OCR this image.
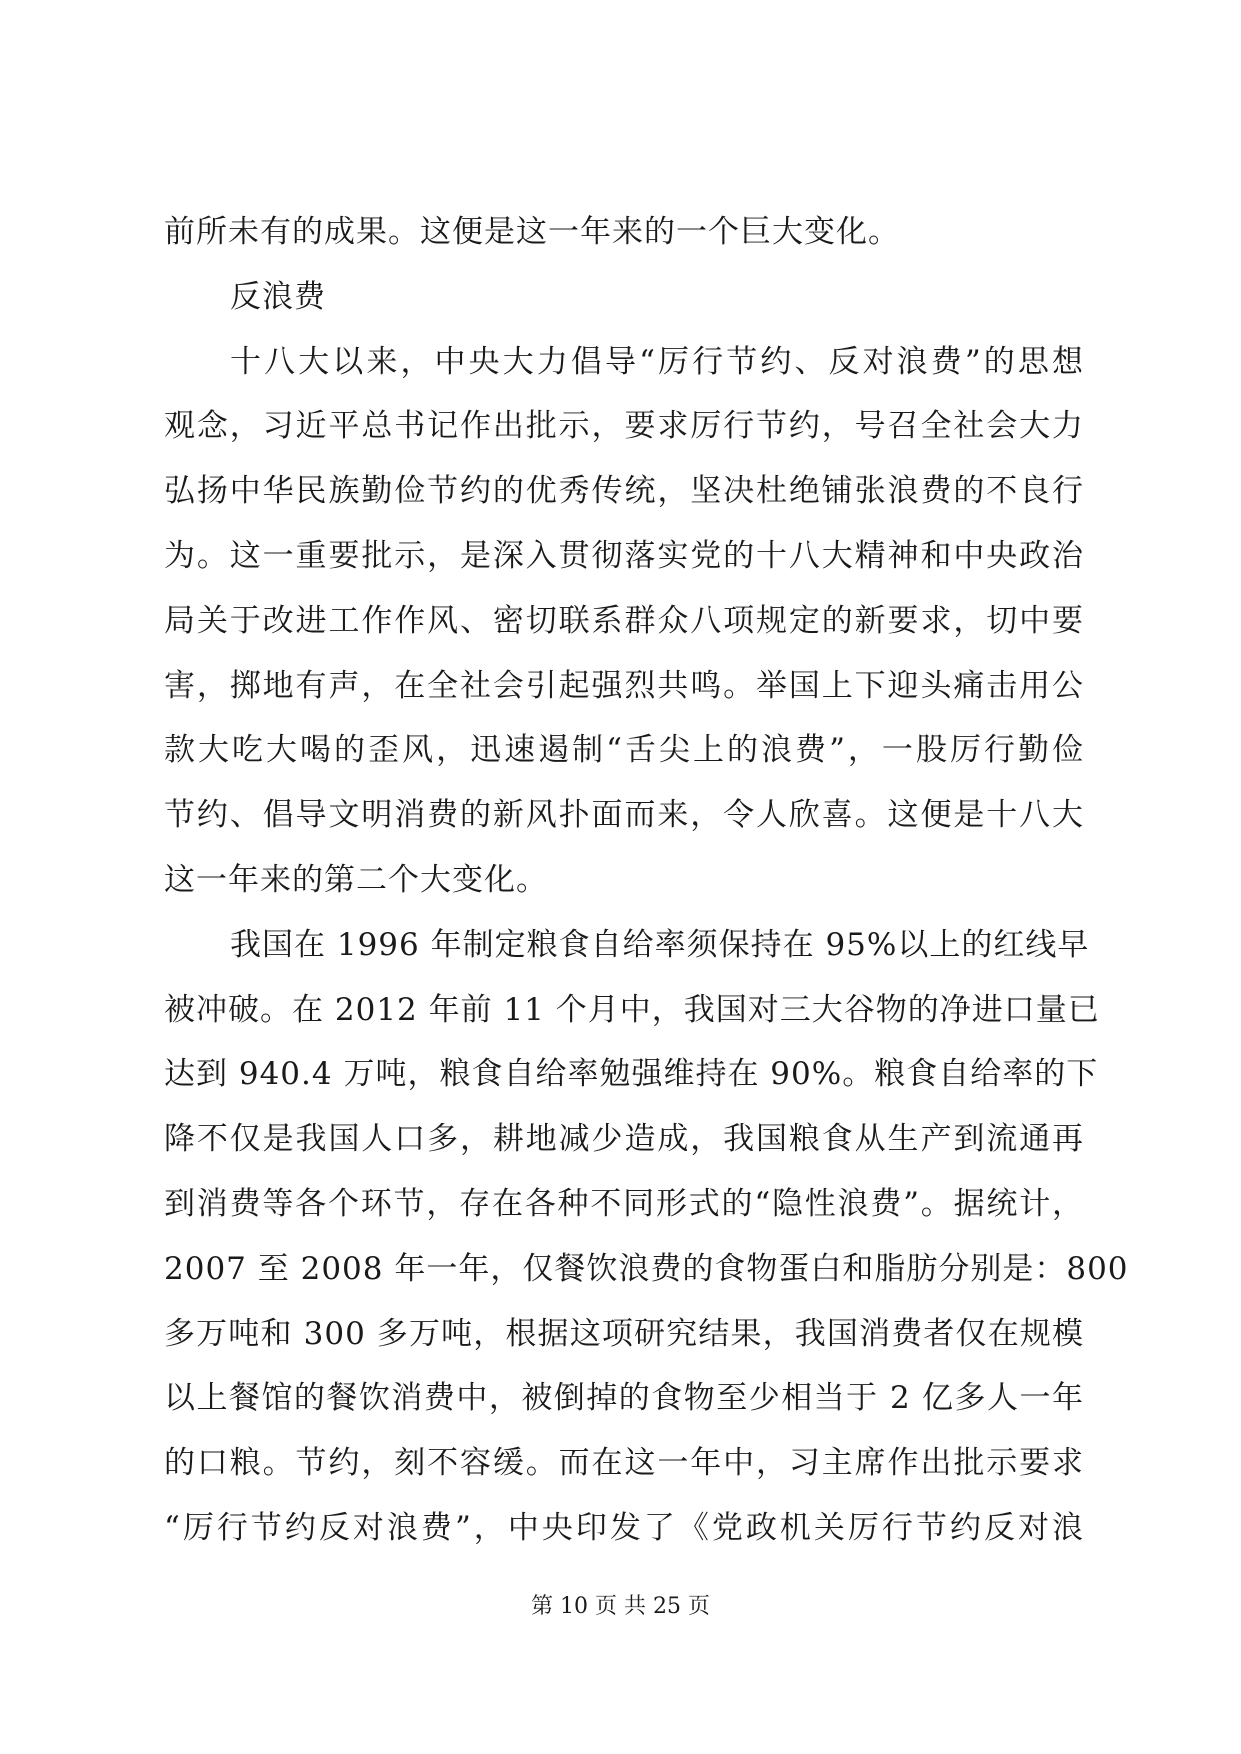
前所未有的成果。这便是这一年来的一个巨大变化。
反浪费
十八大以来，中央大力倡导“厉行节约、反对浪费”的思想
观念，习近平总书记作出批示，要求厉行节约，号召全社会大力
弘扬中华民族勤俭节约的优秀传统，坚决杜绝铺张浪费的不良行
为。这一重要批示，是深入贯彻落实党的十八大精神和中央政治
局关于改进工作作风、密切联系群众八项规定的新要求，切中要
害，掷地有声，在全社会引起强烈共鸣。举国上下迎头痛击用公
款大吃大喝的歪风，迅速遏制“舌尖上的浪费”，一股厉行勤俭
节约、倡导文明消费的新风扑面而来，令人欣喜。这便是十八大
这一年来的第二个大变化。
我国在 1996 年制定粮食自给率须保持在 95%以上的红线早
被冲破。在 2012 年前 11 个月中，我国对三大谷物的净进口量已
达到 940.4 万吨，粮食自给率勉强维持在 90%。粮食自给率的下
降不仅是我国人口多，耕地减少造成，我国粮食从生产到流通再
到消费等各个环节，存在各种不同形式的“隐性浪费”。据统计，
2007 至 2008 年一年，仅餐饮浪费的食物蛋白和脂肪分别是：800
多万吨和 300 多万吨，根据这项研究结果，我国消费者仅在规模
以上餐馆的餐饮消费中，被倒掉的食物至少相当于 2 亿多人一年
的口粮。节约，刻不容缓。而在这一年中，习主席作出批示要求
“厉行节约反对浪费”，中央印发了《党政机关厉行节约反对浪
第 10 页 共 25 页
